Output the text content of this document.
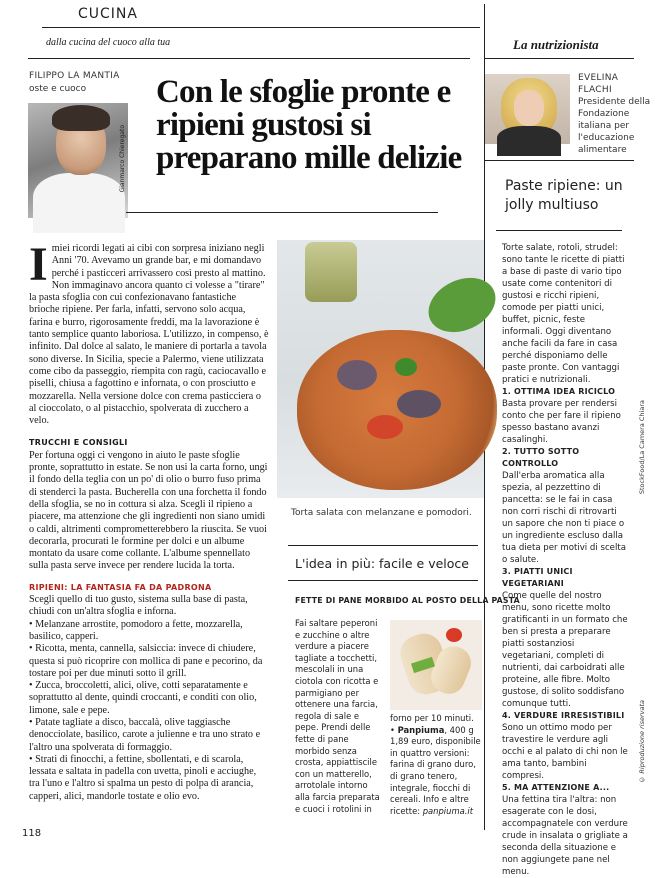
CUCINA
dalla cucina del cuoco alla tua	La nutrizionista
FILIPPO LA MANTIA
oste e cuoco
Gianmarco Chieregato
Con le sfoglie pronte e ripieni gustosi si preparano mille delizie
EVELINA FLACHI
Presidente della Fondazione italiana per l'educazione alimentare
Paste ripiene: un jolly multiuso

Imiei ricordi legati ai cibi con sorpresa iniziano negli Anni '70. Avevamo un grande bar, e mi domandavo perché i pasticceri arrivassero così presto al mattino. Non immaginavo ancora quanto ci volesse a "tirare" la pasta sfoglia con cui confezionavano fantastiche brioche ripiene. Per farla, infatti, servono solo acqua, farina e burro, rigorosamente freddi, ma la lavorazione è tanto semplice quanto laboriosa. L'utilizzo, in compenso, è infinito. Dal dolce al salato, le maniere di portarla a tavola sono diverse. In Sicilia, specie a Palermo, viene utilizzata come cibo da passeggio, riempita con ragù, caciocavallo e piselli, chiusa a fagottino e infornata, o con prosciutto e mozzarella. Nella versione dolce con crema pasticciera o al cioccolato, o al pistacchio, spolverata di zucchero a velo.

TRUCCHI E CONSIGLI

Per fortuna oggi ci vengono in aiuto le paste sfoglie pronte, soprattutto in estate. Se non usi la carta forno, ungi il fondo della teglia con un po' di olio o burro fuso prima di stenderci la pasta. Bucherella con una forchetta il fondo della sfoglia, se no in cottura si alza. Scegli il ripieno a piacere, ma attenzione che gli ingredienti non siano umidi o caldi, altrimenti comprometterebbero la riuscita. Se vuoi decorarla, procurati le formine per dolci e un albume montato da usare come collante. L'albume spennellato sulla pasta serve invece per rendere lucida la torta.

RIPIENI: LA FANTASIA FA DA PADRONA

Scegli quello di tuo gusto, sistema sulla base di pasta, chiudi con un'altra sfoglia e inforna.

• Melanzane arrostite, pomodoro a fette, mozzarella, basilico, capperi.

• Ricotta, menta, cannella, salsiccia: invece di chiudere, questa si può ricoprire con mollica di pane e pecorino, da tostare poi per due minuti sotto il grill.

• Zucca, broccoletti, alici, olive, cotti separatamente e soprattutto al dente, quindi croccanti, e conditi con olio, limone, sale e pepe.

• Patate tagliate a disco, baccalà, olive taggiasche denocciolate, basilico, carote a julienne e tra uno strato e l'altro una spolverata di formaggio.

• Strati di finocchi, a fettine, sbollentati, e di scarola, lessata e saltata in padella con uvetta, pinoli e acciughe, tra l'uno e l'altro si spalma un pesto di polpa di arancia, capperi, alici, mandorle tostate e olio evo.

Torta salata con melanzane e pomodori.
L'idea in più: facile e veloce
FETTE DI PANE MORBIDO AL POSTO DELLA PASTA
Fai saltare peperoni e zucchine o altre verdure a piacere tagliate a tocchetti, mescolali in una ciotola con ricotta e parmigiano per ottenere una farcia, regola di sale e pepe. Prendi delle fette di pane morbido senza crosta, appiattiscile con un matterello, arrotolale intorno alla farcia preparata e cuoci i rotolini in
forno per 10 minuti.
• Panpiuma, 400 g 1,89 euro, disponibile in quattro versioni: farina di grano duro, di grano tenero, integrale, fiocchi di cereali. Info e altre ricette: panpiuma.it

Torte salate, rotoli, strudel: sono tante le ricette di piatti a base di paste di vario tipo usate come contenitori di gustosi e ricchi ripieni, comode per piatti unici, buffet, picnic, feste informali. Oggi diventano anche facili da fare in casa perché disponiamo delle paste pronte. Con vantaggi pratici e nutrizionali.

1. OTTIMA IDEA RICICLO

Basta provare per rendersi conto che per fare il ripieno spesso bastano avanzi casalinghi.

2. TUTTO SOTTO CONTROLLO

Dall'erba aromatica alla spezia, al pezzettino di pancetta: se le fai in casa non corri rischi di ritrovarti un sapore che non ti piace o un ingrediente escluso dalla tua dieta per motivi di scelta o salute.

3. PIATTI UNICI VEGETARIANI

Come quelle del nostro menu, sono ricette molto gratificanti in un formato che ben si presta a preparare piatti sostanziosi vegetariani, completi di nutrienti, dai carboidrati alle proteine, alle fibre. Molto gustose, di solito soddisfano comunque tutti.

4. VERDURE IRRESISTIBILI

Sono un ottimo modo per travestire le verdure agli occhi e al palato di chi non le ama tanto, bambini compresi.

5. MA ATTENZIONE A...

Una fettina tira l'altra: non esagerate con le dosi, accompagnatele con verdure crude in insalata o grigliate a seconda della situazione e non aggiungete pane nel menu.

StockFood/La Camera Chiara
© Riproduzione riservata
118
